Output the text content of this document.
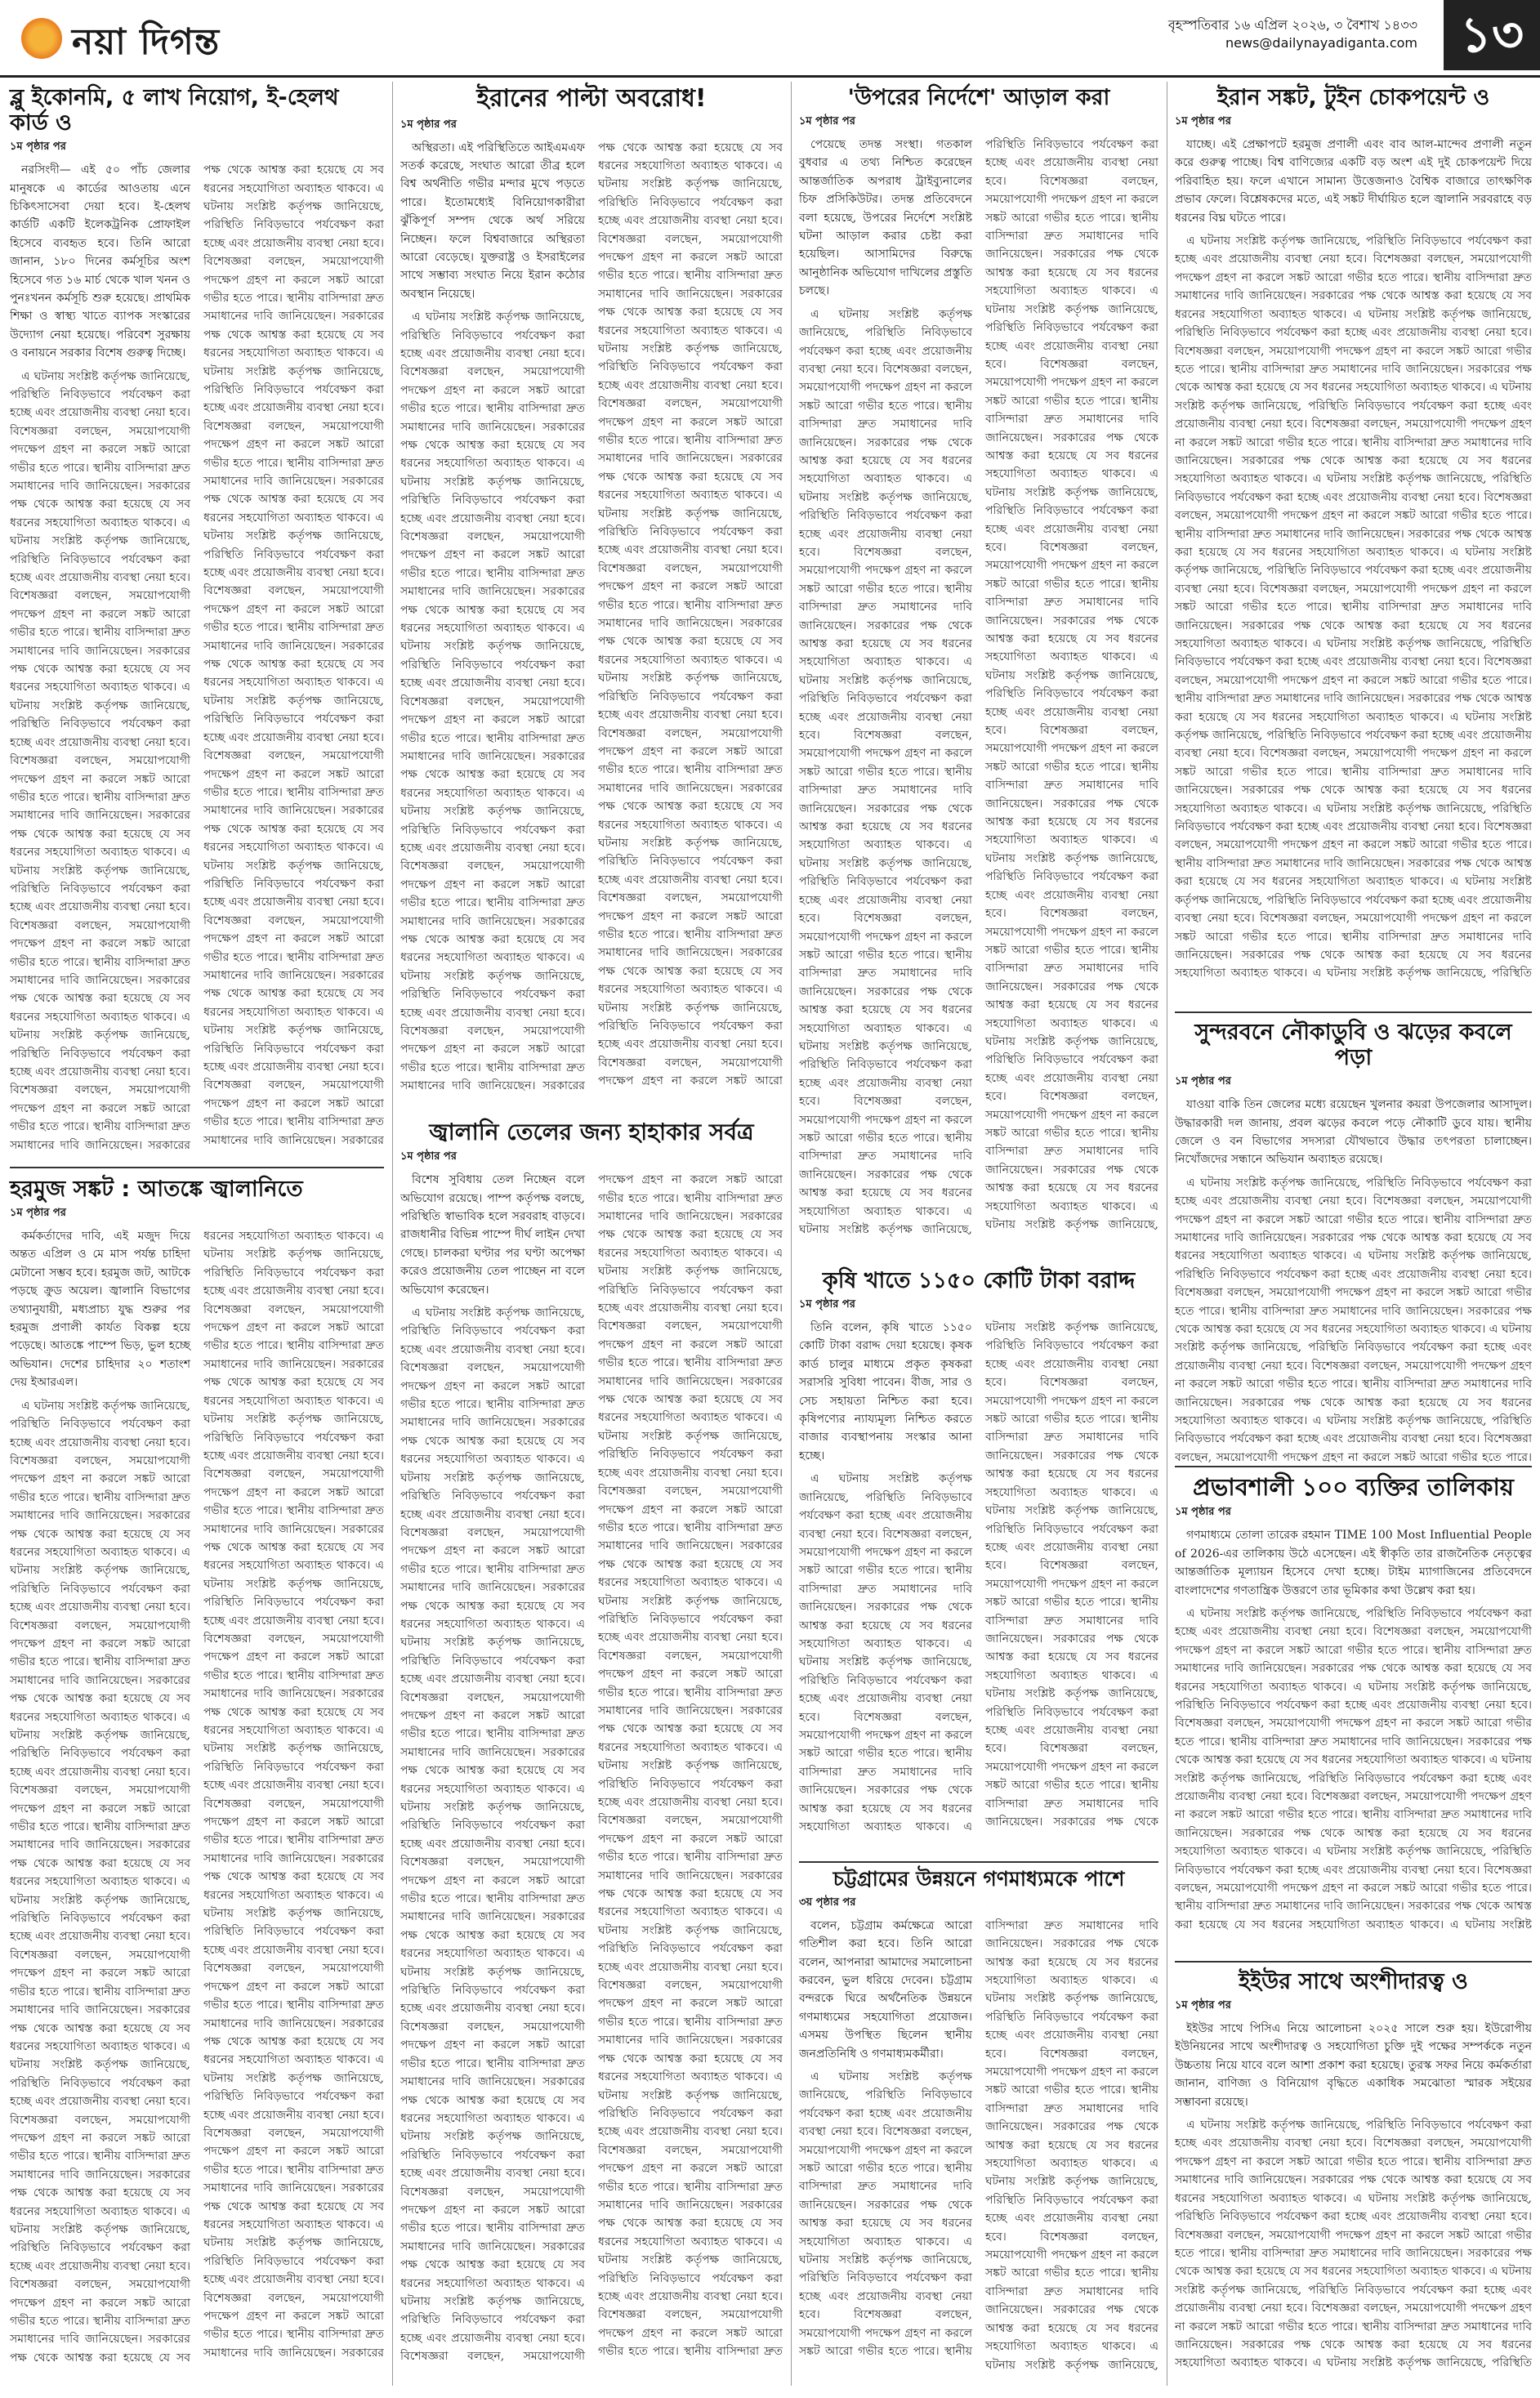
নয়া দিগন্ত	বৃহস্পতিবার ১৬ এপ্রিল ২০২৬, ৩ বৈশাখ ১৪৩৩
news@dailynayadiganta.com ১৩
ব্লু ইকোনমি, ৫ লাখ নিয়োগ, ই-হেলথ কার্ড ও
১ম পৃষ্ঠার পর

নরসিংদী— এই ৫০ পাঁচ জেলার মানুষকে এ কার্ডের আওতায় এনে চিকিৎসাসেবা দেয়া হবে। ই-হেলথ কার্ডটি একটি ইলেকট্রনিক প্রোফাইল হিসেবে ব্যবহৃত হবে। তিনি আরো জানান, ১৮০ দিনের কর্মসূচির অংশ হিসেবে গত ১৬ মার্চ থেকে খাল খনন ও পুনঃখনন কর্মসূচি শুরু হয়েছে। প্রাথমিক শিক্ষা ও স্বাস্থ্য খাতে ব্যাপক সংস্কারের উদ্যোগ নেয়া হয়েছে। পরিবেশ সুরক্ষায় ও বনায়নে সরকার বিশেষ গুরুত্ব দিচ্ছে।

এ ঘটনায় সংশ্লিষ্ট কর্তৃপক্ষ জানিয়েছে, পরিস্থিতি নিবিড়ভাবে পর্যবেক্ষণ করা হচ্ছে এবং প্রয়োজনীয় ব্যবস্থা নেয়া হবে। বিশেষজ্ঞরা বলছেন, সময়োপযোগী পদক্ষেপ গ্রহণ না করলে সঙ্কট আরো গভীর হতে পারে। স্থানীয় বাসিন্দারা দ্রুত সমাধানের দাবি জানিয়েছেন। সরকারের পক্ষ থেকে আশ্বস্ত করা হয়েছে যে সব ধরনের সহযোগিতা অব্যাহত থাকবে। এ ঘটনায় সংশ্লিষ্ট কর্তৃপক্ষ জানিয়েছে, পরিস্থিতি নিবিড়ভাবে পর্যবেক্ষণ করা হচ্ছে এবং প্রয়োজনীয় ব্যবস্থা নেয়া হবে। বিশেষজ্ঞরা বলছেন, সময়োপযোগী পদক্ষেপ গ্রহণ না করলে সঙ্কট আরো গভীর হতে পারে। স্থানীয় বাসিন্দারা দ্রুত সমাধানের দাবি জানিয়েছেন। সরকারের পক্ষ থেকে আশ্বস্ত করা হয়েছে যে সব ধরনের সহযোগিতা অব্যাহত থাকবে। এ ঘটনায় সংশ্লিষ্ট কর্তৃপক্ষ জানিয়েছে, পরিস্থিতি নিবিড়ভাবে পর্যবেক্ষণ করা হচ্ছে এবং প্রয়োজনীয় ব্যবস্থা নেয়া হবে। বিশেষজ্ঞরা বলছেন, সময়োপযোগী পদক্ষেপ গ্রহণ না করলে সঙ্কট আরো গভীর হতে পারে। স্থানীয় বাসিন্দারা দ্রুত সমাধানের দাবি জানিয়েছেন। সরকারের পক্ষ থেকে আশ্বস্ত করা হয়েছে যে সব ধরনের সহযোগিতা অব্যাহত থাকবে। এ ঘটনায় সংশ্লিষ্ট কর্তৃপক্ষ জানিয়েছে, পরিস্থিতি নিবিড়ভাবে পর্যবেক্ষণ করা হচ্ছে এবং প্রয়োজনীয় ব্যবস্থা নেয়া হবে। বিশেষজ্ঞরা বলছেন, সময়োপযোগী পদক্ষেপ গ্রহণ না করলে সঙ্কট আরো গভীর হতে পারে। স্থানীয় বাসিন্দারা দ্রুত সমাধানের দাবি জানিয়েছেন। সরকারের পক্ষ থেকে আশ্বস্ত করা হয়েছে যে সব ধরনের সহযোগিতা অব্যাহত থাকবে। এ ঘটনায় সংশ্লিষ্ট কর্তৃপক্ষ জানিয়েছে, পরিস্থিতি নিবিড়ভাবে পর্যবেক্ষণ করা হচ্ছে এবং প্রয়োজনীয় ব্যবস্থা নেয়া হবে। বিশেষজ্ঞরা বলছেন, সময়োপযোগী পদক্ষেপ গ্রহণ না করলে সঙ্কট আরো গভীর হতে পারে। স্থানীয় বাসিন্দারা দ্রুত সমাধানের দাবি জানিয়েছেন। সরকারের পক্ষ থেকে আশ্বস্ত করা হয়েছে যে সব ধরনের সহযোগিতা অব্যাহত থাকবে। এ ঘটনায় সংশ্লিষ্ট কর্তৃপক্ষ জানিয়েছে, পরিস্থিতি নিবিড়ভাবে পর্যবেক্ষণ করা হচ্ছে এবং প্রয়োজনীয় ব্যবস্থা নেয়া হবে। বিশেষজ্ঞরা বলছেন, সময়োপযোগী পদক্ষেপ গ্রহণ না করলে সঙ্কট আরো গভীর হতে পারে। স্থানীয় বাসিন্দারা দ্রুত সমাধানের দাবি জানিয়েছেন। সরকারের পক্ষ থেকে আশ্বস্ত করা হয়েছে যে সব ধরনের সহযোগিতা অব্যাহত থাকবে। এ ঘটনায় সংশ্লিষ্ট কর্তৃপক্ষ জানিয়েছে, পরিস্থিতি নিবিড়ভাবে পর্যবেক্ষণ করা হচ্ছে এবং প্রয়োজনীয় ব্যবস্থা নেয়া হবে। বিশেষজ্ঞরা বলছেন, সময়োপযোগী পদক্ষেপ গ্রহণ না করলে সঙ্কট আরো গভীর হতে পারে। স্থানীয় বাসিন্দারা দ্রুত সমাধানের দাবি জানিয়েছেন। সরকারের পক্ষ থেকে আশ্বস্ত করা হয়েছে যে সব ধরনের সহযোগিতা অব্যাহত থাকবে। এ ঘটনায় সংশ্লিষ্ট কর্তৃপক্ষ জানিয়েছে, পরিস্থিতি নিবিড়ভাবে পর্যবেক্ষণ করা হচ্ছে এবং প্রয়োজনীয় ব্যবস্থা নেয়া হবে। বিশেষজ্ঞরা বলছেন, সময়োপযোগী পদক্ষেপ গ্রহণ না করলে সঙ্কট আরো গভীর হতে পারে। স্থানীয় বাসিন্দারা দ্রুত সমাধানের দাবি জানিয়েছেন। সরকারের পক্ষ থেকে আশ্বস্ত করা হয়েছে যে সব ধরনের সহযোগিতা অব্যাহত থাকবে। এ ঘটনায় সংশ্লিষ্ট কর্তৃপক্ষ জানিয়েছে, পরিস্থিতি নিবিড়ভাবে পর্যবেক্ষণ করা হচ্ছে এবং প্রয়োজনীয় ব্যবস্থা নেয়া হবে। বিশেষজ্ঞরা বলছেন, সময়োপযোগী পদক্ষেপ গ্রহণ না করলে সঙ্কট আরো গভীর হতে পারে। স্থানীয় বাসিন্দারা দ্রুত সমাধানের দাবি জানিয়েছেন। সরকারের পক্ষ থেকে আশ্বস্ত করা হয়েছে যে সব ধরনের সহযোগিতা অব্যাহত থাকবে। এ ঘটনায় সংশ্লিষ্ট কর্তৃপক্ষ জানিয়েছে, পরিস্থিতি নিবিড়ভাবে পর্যবেক্ষণ করা হচ্ছে এবং প্রয়োজনীয় ব্যবস্থা নেয়া হবে। বিশেষজ্ঞরা বলছেন, সময়োপযোগী পদক্ষেপ গ্রহণ না করলে সঙ্কট আরো গভীর হতে পারে। স্থানীয় বাসিন্দারা দ্রুত সমাধানের দাবি জানিয়েছেন। সরকারের পক্ষ থেকে আশ্বস্ত করা হয়েছে যে সব ধরনের সহযোগিতা অব্যাহত থাকবে। এ ঘটনায় সংশ্লিষ্ট কর্তৃপক্ষ জানিয়েছে, পরিস্থিতি নিবিড়ভাবে পর্যবেক্ষণ করা হচ্ছে এবং প্রয়োজনীয় ব্যবস্থা নেয়া হবে। বিশেষজ্ঞরা বলছেন, সময়োপযোগী পদক্ষেপ গ্রহণ না করলে সঙ্কট আরো গভীর হতে পারে। স্থানীয় বাসিন্দারা দ্রুত সমাধানের দাবি জানিয়েছেন। সরকারের

হরমুজ সঙ্কট : আতঙ্কে জ্বালানিতে
১ম পৃষ্ঠার পর

কর্মকর্তাদের দাবি, এই মজুদ দিয়ে অন্তত এপ্রিল ও মে মাস পর্যন্ত চাহিদা মেটানো সম্ভব হবে। হরমুজ জট, আটকে পড়ছে ক্রুড অয়েল। জ্বালানি বিভাগের তথ্যানুযায়ী, মধ্যপ্রাচ্য যুদ্ধ শুরুর পর হরমুজ প্রণালী কার্যত বিকল্প হয়ে পড়েছে। আতঙ্কে পাম্পে ভিড়, ভুল হচ্ছে অভিযান। দেশের চাহিদার ২০ শতাংশ দেয় ইআরএল।

এ ঘটনায় সংশ্লিষ্ট কর্তৃপক্ষ জানিয়েছে, পরিস্থিতি নিবিড়ভাবে পর্যবেক্ষণ করা হচ্ছে এবং প্রয়োজনীয় ব্যবস্থা নেয়া হবে। বিশেষজ্ঞরা বলছেন, সময়োপযোগী পদক্ষেপ গ্রহণ না করলে সঙ্কট আরো গভীর হতে পারে। স্থানীয় বাসিন্দারা দ্রুত সমাধানের দাবি জানিয়েছেন। সরকারের পক্ষ থেকে আশ্বস্ত করা হয়েছে যে সব ধরনের সহযোগিতা অব্যাহত থাকবে। এ ঘটনায় সংশ্লিষ্ট কর্তৃপক্ষ জানিয়েছে, পরিস্থিতি নিবিড়ভাবে পর্যবেক্ষণ করা হচ্ছে এবং প্রয়োজনীয় ব্যবস্থা নেয়া হবে। বিশেষজ্ঞরা বলছেন, সময়োপযোগী পদক্ষেপ গ্রহণ না করলে সঙ্কট আরো গভীর হতে পারে। স্থানীয় বাসিন্দারা দ্রুত সমাধানের দাবি জানিয়েছেন। সরকারের পক্ষ থেকে আশ্বস্ত করা হয়েছে যে সব ধরনের সহযোগিতা অব্যাহত থাকবে। এ ঘটনায় সংশ্লিষ্ট কর্তৃপক্ষ জানিয়েছে, পরিস্থিতি নিবিড়ভাবে পর্যবেক্ষণ করা হচ্ছে এবং প্রয়োজনীয় ব্যবস্থা নেয়া হবে। বিশেষজ্ঞরা বলছেন, সময়োপযোগী পদক্ষেপ গ্রহণ না করলে সঙ্কট আরো গভীর হতে পারে। স্থানীয় বাসিন্দারা দ্রুত সমাধানের দাবি জানিয়েছেন। সরকারের পক্ষ থেকে আশ্বস্ত করা হয়েছে যে সব ধরনের সহযোগিতা অব্যাহত থাকবে। এ ঘটনায় সংশ্লিষ্ট কর্তৃপক্ষ জানিয়েছে, পরিস্থিতি নিবিড়ভাবে পর্যবেক্ষণ করা হচ্ছে এবং প্রয়োজনীয় ব্যবস্থা নেয়া হবে। বিশেষজ্ঞরা বলছেন, সময়োপযোগী পদক্ষেপ গ্রহণ না করলে সঙ্কট আরো গভীর হতে পারে। স্থানীয় বাসিন্দারা দ্রুত সমাধানের দাবি জানিয়েছেন। সরকারের পক্ষ থেকে আশ্বস্ত করা হয়েছে যে সব ধরনের সহযোগিতা অব্যাহত থাকবে। এ ঘটনায় সংশ্লিষ্ট কর্তৃপক্ষ জানিয়েছে, পরিস্থিতি নিবিড়ভাবে পর্যবেক্ষণ করা হচ্ছে এবং প্রয়োজনীয় ব্যবস্থা নেয়া হবে। বিশেষজ্ঞরা বলছেন, সময়োপযোগী পদক্ষেপ গ্রহণ না করলে সঙ্কট আরো গভীর হতে পারে। স্থানীয় বাসিন্দারা দ্রুত সমাধানের দাবি জানিয়েছেন। সরকারের পক্ষ থেকে আশ্বস্ত করা হয়েছে যে সব ধরনের সহযোগিতা অব্যাহত থাকবে। এ ঘটনায় সংশ্লিষ্ট কর্তৃপক্ষ জানিয়েছে, পরিস্থিতি নিবিড়ভাবে পর্যবেক্ষণ করা হচ্ছে এবং প্রয়োজনীয় ব্যবস্থা নেয়া হবে। বিশেষজ্ঞরা বলছেন, সময়োপযোগী পদক্ষেপ গ্রহণ না করলে সঙ্কট আরো গভীর হতে পারে। স্থানীয় বাসিন্দারা দ্রুত সমাধানের দাবি জানিয়েছেন। সরকারের পক্ষ থেকে আশ্বস্ত করা হয়েছে যে সব ধরনের সহযোগিতা অব্যাহত থাকবে। এ ঘটনায় সংশ্লিষ্ট কর্তৃপক্ষ জানিয়েছে, পরিস্থিতি নিবিড়ভাবে পর্যবেক্ষণ করা হচ্ছে এবং প্রয়োজনীয় ব্যবস্থা নেয়া হবে। বিশেষজ্ঞরা বলছেন, সময়োপযোগী পদক্ষেপ গ্রহণ না করলে সঙ্কট আরো গভীর হতে পারে। স্থানীয় বাসিন্দারা দ্রুত সমাধানের দাবি জানিয়েছেন। সরকারের পক্ষ থেকে আশ্বস্ত করা হয়েছে যে সব ধরনের সহযোগিতা অব্যাহত থাকবে। এ ঘটনায় সংশ্লিষ্ট কর্তৃপক্ষ জানিয়েছে, পরিস্থিতি নিবিড়ভাবে পর্যবেক্ষণ করা হচ্ছে এবং প্রয়োজনীয় ব্যবস্থা নেয়া হবে। বিশেষজ্ঞরা বলছেন, সময়োপযোগী পদক্ষেপ গ্রহণ না করলে সঙ্কট আরো গভীর হতে পারে। স্থানীয় বাসিন্দারা দ্রুত সমাধানের দাবি জানিয়েছেন। সরকারের পক্ষ থেকে আশ্বস্ত করা হয়েছে যে সব ধরনের সহযোগিতা অব্যাহত থাকবে। এ ঘটনায় সংশ্লিষ্ট কর্তৃপক্ষ জানিয়েছে, পরিস্থিতি নিবিড়ভাবে পর্যবেক্ষণ করা হচ্ছে এবং প্রয়োজনীয় ব্যবস্থা নেয়া হবে। বিশেষজ্ঞরা বলছেন, সময়োপযোগী পদক্ষেপ গ্রহণ না করলে সঙ্কট আরো গভীর হতে পারে। স্থানীয় বাসিন্দারা দ্রুত সমাধানের দাবি জানিয়েছেন। সরকারের পক্ষ থেকে আশ্বস্ত করা হয়েছে যে সব ধরনের সহযোগিতা অব্যাহত থাকবে। এ ঘটনায় সংশ্লিষ্ট কর্তৃপক্ষ জানিয়েছে, পরিস্থিতি নিবিড়ভাবে পর্যবেক্ষণ করা হচ্ছে এবং প্রয়োজনীয় ব্যবস্থা নেয়া হবে। বিশেষজ্ঞরা বলছেন, সময়োপযোগী পদক্ষেপ গ্রহণ না করলে সঙ্কট আরো গভীর হতে পারে। স্থানীয় বাসিন্দারা দ্রুত সমাধানের দাবি জানিয়েছেন। সরকারের পক্ষ থেকে আশ্বস্ত করা হয়েছে যে সব ধরনের সহযোগিতা অব্যাহত থাকবে। এ ঘটনায় সংশ্লিষ্ট কর্তৃপক্ষ জানিয়েছে, পরিস্থিতি নিবিড়ভাবে পর্যবেক্ষণ করা হচ্ছে এবং প্রয়োজনীয় ব্যবস্থা নেয়া হবে। বিশেষজ্ঞরা বলছেন, সময়োপযোগী পদক্ষেপ গ্রহণ না করলে সঙ্কট আরো গভীর হতে পারে। স্থানীয় বাসিন্দারা দ্রুত সমাধানের দাবি জানিয়েছেন। সরকারের পক্ষ থেকে আশ্বস্ত করা হয়েছে যে সব ধরনের সহযোগিতা অব্যাহত থাকবে। এ ঘটনায় সংশ্লিষ্ট কর্তৃপক্ষ জানিয়েছে, পরিস্থিতি নিবিড়ভাবে পর্যবেক্ষণ করা হচ্ছে এবং প্রয়োজনীয় ব্যবস্থা নেয়া হবে। বিশেষজ্ঞরা বলছেন, সময়োপযোগী পদক্ষেপ গ্রহণ না করলে সঙ্কট আরো গভীর হতে পারে। স্থানীয় বাসিন্দারা দ্রুত সমাধানের দাবি জানিয়েছেন। সরকারের পক্ষ থেকে আশ্বস্ত করা হয়েছে যে সব ধরনের সহযোগিতা অব্যাহত থাকবে। এ ঘটনায় সংশ্লিষ্ট কর্তৃপক্ষ জানিয়েছে, পরিস্থিতি নিবিড়ভাবে পর্যবেক্ষণ করা হচ্ছে এবং প্রয়োজনীয় ব্যবস্থা নেয়া হবে। বিশেষজ্ঞরা বলছেন, সময়োপযোগী পদক্ষেপ গ্রহণ না করলে সঙ্কট আরো গভীর হতে পারে। স্থানীয় বাসিন্দারা দ্রুত সমাধানের দাবি জানিয়েছেন। সরকারের

ইরানের পাল্টা অবরোধ!
১ম পৃষ্ঠার পর

অস্থিরতা। এই পরিস্থিতিতে আইএমএফ সতর্ক করেছে, সংঘাত আরো তীব্র হলে বিশ্ব অর্থনীতি গভীর মন্দার মুখে পড়তে পারে। ইতোমধ্যেই বিনিয়োগকারীরা ঝুঁকিপূর্ণ সম্পদ থেকে অর্থ সরিয়ে নিচ্ছেন। ফলে বিশ্ববাজারে অস্থিরতা আরো বেড়েছে। যুক্তরাষ্ট্র ও ইসরাইলের সাথে সম্ভাব্য সংঘাত নিয়ে ইরান কঠোর অবস্থান নিয়েছে।

এ ঘটনায় সংশ্লিষ্ট কর্তৃপক্ষ জানিয়েছে, পরিস্থিতি নিবিড়ভাবে পর্যবেক্ষণ করা হচ্ছে এবং প্রয়োজনীয় ব্যবস্থা নেয়া হবে। বিশেষজ্ঞরা বলছেন, সময়োপযোগী পদক্ষেপ গ্রহণ না করলে সঙ্কট আরো গভীর হতে পারে। স্থানীয় বাসিন্দারা দ্রুত সমাধানের দাবি জানিয়েছেন। সরকারের পক্ষ থেকে আশ্বস্ত করা হয়েছে যে সব ধরনের সহযোগিতা অব্যাহত থাকবে। এ ঘটনায় সংশ্লিষ্ট কর্তৃপক্ষ জানিয়েছে, পরিস্থিতি নিবিড়ভাবে পর্যবেক্ষণ করা হচ্ছে এবং প্রয়োজনীয় ব্যবস্থা নেয়া হবে। বিশেষজ্ঞরা বলছেন, সময়োপযোগী পদক্ষেপ গ্রহণ না করলে সঙ্কট আরো গভীর হতে পারে। স্থানীয় বাসিন্দারা দ্রুত সমাধানের দাবি জানিয়েছেন। সরকারের পক্ষ থেকে আশ্বস্ত করা হয়েছে যে সব ধরনের সহযোগিতা অব্যাহত থাকবে। এ ঘটনায় সংশ্লিষ্ট কর্তৃপক্ষ জানিয়েছে, পরিস্থিতি নিবিড়ভাবে পর্যবেক্ষণ করা হচ্ছে এবং প্রয়োজনীয় ব্যবস্থা নেয়া হবে। বিশেষজ্ঞরা বলছেন, সময়োপযোগী পদক্ষেপ গ্রহণ না করলে সঙ্কট আরো গভীর হতে পারে। স্থানীয় বাসিন্দারা দ্রুত সমাধানের দাবি জানিয়েছেন। সরকারের পক্ষ থেকে আশ্বস্ত করা হয়েছে যে সব ধরনের সহযোগিতা অব্যাহত থাকবে। এ ঘটনায় সংশ্লিষ্ট কর্তৃপক্ষ জানিয়েছে, পরিস্থিতি নিবিড়ভাবে পর্যবেক্ষণ করা হচ্ছে এবং প্রয়োজনীয় ব্যবস্থা নেয়া হবে। বিশেষজ্ঞরা বলছেন, সময়োপযোগী পদক্ষেপ গ্রহণ না করলে সঙ্কট আরো গভীর হতে পারে। স্থানীয় বাসিন্দারা দ্রুত সমাধানের দাবি জানিয়েছেন। সরকারের পক্ষ থেকে আশ্বস্ত করা হয়েছে যে সব ধরনের সহযোগিতা অব্যাহত থাকবে। এ ঘটনায় সংশ্লিষ্ট কর্তৃপক্ষ জানিয়েছে, পরিস্থিতি নিবিড়ভাবে পর্যবেক্ষণ করা হচ্ছে এবং প্রয়োজনীয় ব্যবস্থা নেয়া হবে। বিশেষজ্ঞরা বলছেন, সময়োপযোগী পদক্ষেপ গ্রহণ না করলে সঙ্কট আরো গভীর হতে পারে। স্থানীয় বাসিন্দারা দ্রুত সমাধানের দাবি জানিয়েছেন। সরকারের পক্ষ থেকে আশ্বস্ত করা হয়েছে যে সব ধরনের সহযোগিতা অব্যাহত থাকবে। এ ঘটনায় সংশ্লিষ্ট কর্তৃপক্ষ জানিয়েছে, পরিস্থিতি নিবিড়ভাবে পর্যবেক্ষণ করা হচ্ছে এবং প্রয়োজনীয় ব্যবস্থা নেয়া হবে। বিশেষজ্ঞরা বলছেন, সময়োপযোগী পদক্ষেপ গ্রহণ না করলে সঙ্কট আরো গভীর হতে পারে। স্থানীয় বাসিন্দারা দ্রুত সমাধানের দাবি জানিয়েছেন। সরকারের পক্ষ থেকে আশ্বস্ত করা হয়েছে যে সব ধরনের সহযোগিতা অব্যাহত থাকবে। এ ঘটনায় সংশ্লিষ্ট কর্তৃপক্ষ জানিয়েছে, পরিস্থিতি নিবিড়ভাবে পর্যবেক্ষণ করা হচ্ছে এবং প্রয়োজনীয় ব্যবস্থা নেয়া হবে। বিশেষজ্ঞরা বলছেন, সময়োপযোগী পদক্ষেপ গ্রহণ না করলে সঙ্কট আরো গভীর হতে পারে। স্থানীয় বাসিন্দারা দ্রুত সমাধানের দাবি জানিয়েছেন। সরকারের পক্ষ থেকে আশ্বস্ত করা হয়েছে যে সব ধরনের সহযোগিতা অব্যাহত থাকবে। এ ঘটনায় সংশ্লিষ্ট কর্তৃপক্ষ জানিয়েছে, পরিস্থিতি নিবিড়ভাবে পর্যবেক্ষণ করা হচ্ছে এবং প্রয়োজনীয় ব্যবস্থা নেয়া হবে। বিশেষজ্ঞরা বলছেন, সময়োপযোগী পদক্ষেপ গ্রহণ না করলে সঙ্কট আরো গভীর হতে পারে। স্থানীয় বাসিন্দারা দ্রুত সমাধানের দাবি জানিয়েছেন। সরকারের পক্ষ থেকে আশ্বস্ত করা হয়েছে যে সব ধরনের সহযোগিতা অব্যাহত থাকবে। এ ঘটনায় সংশ্লিষ্ট কর্তৃপক্ষ জানিয়েছে, পরিস্থিতি নিবিড়ভাবে পর্যবেক্ষণ করা হচ্ছে এবং প্রয়োজনীয় ব্যবস্থা নেয়া হবে। বিশেষজ্ঞরা বলছেন, সময়োপযোগী পদক্ষেপ গ্রহণ না করলে সঙ্কট আরো গভীর হতে পারে। স্থানীয় বাসিন্দারা দ্রুত সমাধানের দাবি জানিয়েছেন। সরকারের পক্ষ থেকে আশ্বস্ত করা হয়েছে যে সব ধরনের সহযোগিতা অব্যাহত থাকবে। এ ঘটনায় সংশ্লিষ্ট কর্তৃপক্ষ জানিয়েছে, পরিস্থিতি নিবিড়ভাবে পর্যবেক্ষণ করা হচ্ছে এবং প্রয়োজনীয় ব্যবস্থা নেয়া হবে। বিশেষজ্ঞরা বলছেন, সময়োপযোগী পদক্ষেপ গ্রহণ না করলে সঙ্কট আরো গভীর হতে পারে। স্থানীয় বাসিন্দারা দ্রুত সমাধানের দাবি জানিয়েছেন। সরকারের পক্ষ থেকে আশ্বস্ত করা হয়েছে যে সব ধরনের সহযোগিতা অব্যাহত থাকবে। এ ঘটনায় সংশ্লিষ্ট কর্তৃপক্ষ জানিয়েছে, পরিস্থিতি নিবিড়ভাবে পর্যবেক্ষণ করা হচ্ছে এবং প্রয়োজনীয় ব্যবস্থা নেয়া হবে। বিশেষজ্ঞরা বলছেন, সময়োপযোগী পদক্ষেপ গ্রহণ না করলে সঙ্কট আরো

জ্বালানি তেলের জন্য হাহাকার সর্বত্র
১ম পৃষ্ঠার পর

বিশেষ সুবিধায় তেল নিচ্ছেন বলে অভিযোগ রয়েছে। পাম্প কর্তৃপক্ষ বলছে, পরিস্থিতি স্বাভাবিক হলে সরবরাহ বাড়বে। রাজধানীর বিভিন্ন পাম্পে দীর্ঘ লাইন দেখা গেছে। চালকরা ঘণ্টার পর ঘণ্টা অপেক্ষা করেও প্রয়োজনীয় তেল পাচ্ছেন না বলে অভিযোগ করেছেন।

এ ঘটনায় সংশ্লিষ্ট কর্তৃপক্ষ জানিয়েছে, পরিস্থিতি নিবিড়ভাবে পর্যবেক্ষণ করা হচ্ছে এবং প্রয়োজনীয় ব্যবস্থা নেয়া হবে। বিশেষজ্ঞরা বলছেন, সময়োপযোগী পদক্ষেপ গ্রহণ না করলে সঙ্কট আরো গভীর হতে পারে। স্থানীয় বাসিন্দারা দ্রুত সমাধানের দাবি জানিয়েছেন। সরকারের পক্ষ থেকে আশ্বস্ত করা হয়েছে যে সব ধরনের সহযোগিতা অব্যাহত থাকবে। এ ঘটনায় সংশ্লিষ্ট কর্তৃপক্ষ জানিয়েছে, পরিস্থিতি নিবিড়ভাবে পর্যবেক্ষণ করা হচ্ছে এবং প্রয়োজনীয় ব্যবস্থা নেয়া হবে। বিশেষজ্ঞরা বলছেন, সময়োপযোগী পদক্ষেপ গ্রহণ না করলে সঙ্কট আরো গভীর হতে পারে। স্থানীয় বাসিন্দারা দ্রুত সমাধানের দাবি জানিয়েছেন। সরকারের পক্ষ থেকে আশ্বস্ত করা হয়েছে যে সব ধরনের সহযোগিতা অব্যাহত থাকবে। এ ঘটনায় সংশ্লিষ্ট কর্তৃপক্ষ জানিয়েছে, পরিস্থিতি নিবিড়ভাবে পর্যবেক্ষণ করা হচ্ছে এবং প্রয়োজনীয় ব্যবস্থা নেয়া হবে। বিশেষজ্ঞরা বলছেন, সময়োপযোগী পদক্ষেপ গ্রহণ না করলে সঙ্কট আরো গভীর হতে পারে। স্থানীয় বাসিন্দারা দ্রুত সমাধানের দাবি জানিয়েছেন। সরকারের পক্ষ থেকে আশ্বস্ত করা হয়েছে যে সব ধরনের সহযোগিতা অব্যাহত থাকবে। এ ঘটনায় সংশ্লিষ্ট কর্তৃপক্ষ জানিয়েছে, পরিস্থিতি নিবিড়ভাবে পর্যবেক্ষণ করা হচ্ছে এবং প্রয়োজনীয় ব্যবস্থা নেয়া হবে। বিশেষজ্ঞরা বলছেন, সময়োপযোগী পদক্ষেপ গ্রহণ না করলে সঙ্কট আরো গভীর হতে পারে। স্থানীয় বাসিন্দারা দ্রুত সমাধানের দাবি জানিয়েছেন। সরকারের পক্ষ থেকে আশ্বস্ত করা হয়েছে যে সব ধরনের সহযোগিতা অব্যাহত থাকবে। এ ঘটনায় সংশ্লিষ্ট কর্তৃপক্ষ জানিয়েছে, পরিস্থিতি নিবিড়ভাবে পর্যবেক্ষণ করা হচ্ছে এবং প্রয়োজনীয় ব্যবস্থা নেয়া হবে। বিশেষজ্ঞরা বলছেন, সময়োপযোগী পদক্ষেপ গ্রহণ না করলে সঙ্কট আরো গভীর হতে পারে। স্থানীয় বাসিন্দারা দ্রুত সমাধানের দাবি জানিয়েছেন। সরকারের পক্ষ থেকে আশ্বস্ত করা হয়েছে যে সব ধরনের সহযোগিতা অব্যাহত থাকবে। এ ঘটনায় সংশ্লিষ্ট কর্তৃপক্ষ জানিয়েছে, পরিস্থিতি নিবিড়ভাবে পর্যবেক্ষণ করা হচ্ছে এবং প্রয়োজনীয় ব্যবস্থা নেয়া হবে। বিশেষজ্ঞরা বলছেন, সময়োপযোগী পদক্ষেপ গ্রহণ না করলে সঙ্কট আরো গভীর হতে পারে। স্থানীয় বাসিন্দারা দ্রুত সমাধানের দাবি জানিয়েছেন। সরকারের পক্ষ থেকে আশ্বস্ত করা হয়েছে যে সব ধরনের সহযোগিতা অব্যাহত থাকবে। এ ঘটনায় সংশ্লিষ্ট কর্তৃপক্ষ জানিয়েছে, পরিস্থিতি নিবিড়ভাবে পর্যবেক্ষণ করা হচ্ছে এবং প্রয়োজনীয় ব্যবস্থা নেয়া হবে। বিশেষজ্ঞরা বলছেন, সময়োপযোগী পদক্ষেপ গ্রহণ না করলে সঙ্কট আরো গভীর হতে পারে। স্থানীয় বাসিন্দারা দ্রুত সমাধানের দাবি জানিয়েছেন। সরকারের পক্ষ থেকে আশ্বস্ত করা হয়েছে যে সব ধরনের সহযোগিতা অব্যাহত থাকবে। এ ঘটনায় সংশ্লিষ্ট কর্তৃপক্ষ জানিয়েছে, পরিস্থিতি নিবিড়ভাবে পর্যবেক্ষণ করা হচ্ছে এবং প্রয়োজনীয় ব্যবস্থা নেয়া হবে। বিশেষজ্ঞরা বলছেন, সময়োপযোগী পদক্ষেপ গ্রহণ না করলে সঙ্কট আরো গভীর হতে পারে। স্থানীয় বাসিন্দারা দ্রুত সমাধানের দাবি জানিয়েছেন। সরকারের পক্ষ থেকে আশ্বস্ত করা হয়েছে যে সব ধরনের সহযোগিতা অব্যাহত থাকবে। এ ঘটনায় সংশ্লিষ্ট কর্তৃপক্ষ জানিয়েছে, পরিস্থিতি নিবিড়ভাবে পর্যবেক্ষণ করা হচ্ছে এবং প্রয়োজনীয় ব্যবস্থা নেয়া হবে। বিশেষজ্ঞরা বলছেন, সময়োপযোগী পদক্ষেপ গ্রহণ না করলে সঙ্কট আরো গভীর হতে পারে। স্থানীয় বাসিন্দারা দ্রুত সমাধানের দাবি জানিয়েছেন। সরকারের পক্ষ থেকে আশ্বস্ত করা হয়েছে যে সব ধরনের সহযোগিতা অব্যাহত থাকবে। এ ঘটনায় সংশ্লিষ্ট কর্তৃপক্ষ জানিয়েছে, পরিস্থিতি নিবিড়ভাবে পর্যবেক্ষণ করা হচ্ছে এবং প্রয়োজনীয় ব্যবস্থা নেয়া হবে। বিশেষজ্ঞরা বলছেন, সময়োপযোগী পদক্ষেপ গ্রহণ না করলে সঙ্কট আরো গভীর হতে পারে। স্থানীয় বাসিন্দারা দ্রুত সমাধানের দাবি জানিয়েছেন। সরকারের পক্ষ থেকে আশ্বস্ত করা হয়েছে যে সব ধরনের সহযোগিতা অব্যাহত থাকবে। এ ঘটনায় সংশ্লিষ্ট কর্তৃপক্ষ জানিয়েছে, পরিস্থিতি নিবিড়ভাবে পর্যবেক্ষণ করা হচ্ছে এবং প্রয়োজনীয় ব্যবস্থা নেয়া হবে। বিশেষজ্ঞরা বলছেন, সময়োপযোগী পদক্ষেপ গ্রহণ না করলে সঙ্কট আরো গভীর হতে পারে। স্থানীয় বাসিন্দারা দ্রুত সমাধানের দাবি জানিয়েছেন। সরকারের পক্ষ থেকে আশ্বস্ত করা হয়েছে যে সব ধরনের সহযোগিতা অব্যাহত থাকবে। এ ঘটনায় সংশ্লিষ্ট কর্তৃপক্ষ জানিয়েছে, পরিস্থিতি নিবিড়ভাবে পর্যবেক্ষণ করা হচ্ছে এবং প্রয়োজনীয় ব্যবস্থা নেয়া হবে। বিশেষজ্ঞরা বলছেন, সময়োপযোগী পদক্ষেপ গ্রহণ না করলে সঙ্কট আরো গভীর হতে পারে। স্থানীয় বাসিন্দারা দ্রুত সমাধানের দাবি জানিয়েছেন। সরকারের পক্ষ থেকে আশ্বস্ত করা হয়েছে যে সব ধরনের সহযোগিতা অব্যাহত থাকবে। এ ঘটনায় সংশ্লিষ্ট কর্তৃপক্ষ জানিয়েছে, পরিস্থিতি নিবিড়ভাবে পর্যবেক্ষণ করা হচ্ছে এবং প্রয়োজনীয় ব্যবস্থা নেয়া হবে। বিশেষজ্ঞরা বলছেন, সময়োপযোগী পদক্ষেপ গ্রহণ না করলে সঙ্কট আরো গভীর হতে পারে। স্থানীয় বাসিন্দারা দ্রুত সমাধানের দাবি জানিয়েছেন। সরকারের পক্ষ থেকে আশ্বস্ত করা হয়েছে যে সব ধরনের সহযোগিতা অব্যাহত থাকবে। এ ঘটনায় সংশ্লিষ্ট কর্তৃপক্ষ জানিয়েছে, পরিস্থিতি নিবিড়ভাবে পর্যবেক্ষণ করা হচ্ছে এবং প্রয়োজনীয় ব্যবস্থা নেয়া হবে। বিশেষজ্ঞরা বলছেন, সময়োপযোগী পদক্ষেপ গ্রহণ না করলে সঙ্কট আরো গভীর হতে পারে। স্থানীয় বাসিন্দারা দ্রুত

'উপরের নির্দেশে' আড়াল করা
১ম পৃষ্ঠার পর

পেয়েছে তদন্ত সংস্থা। গতকাল বুধবার এ তথ্য নিশ্চিত করেছেন আন্তর্জাতিক অপরাধ ট্রাইব্যুনালের চিফ প্রসিকিউটর। তদন্ত প্রতিবেদনে বলা হয়েছে, উপরের নির্দেশে সংশ্লিষ্ট ঘটনা আড়াল করার চেষ্টা করা হয়েছিল। আসামিদের বিরুদ্ধে আনুষ্ঠানিক অভিযোগ দাখিলের প্রস্তুতি চলছে।

এ ঘটনায় সংশ্লিষ্ট কর্তৃপক্ষ জানিয়েছে, পরিস্থিতি নিবিড়ভাবে পর্যবেক্ষণ করা হচ্ছে এবং প্রয়োজনীয় ব্যবস্থা নেয়া হবে। বিশেষজ্ঞরা বলছেন, সময়োপযোগী পদক্ষেপ গ্রহণ না করলে সঙ্কট আরো গভীর হতে পারে। স্থানীয় বাসিন্দারা দ্রুত সমাধানের দাবি জানিয়েছেন। সরকারের পক্ষ থেকে আশ্বস্ত করা হয়েছে যে সব ধরনের সহযোগিতা অব্যাহত থাকবে। এ ঘটনায় সংশ্লিষ্ট কর্তৃপক্ষ জানিয়েছে, পরিস্থিতি নিবিড়ভাবে পর্যবেক্ষণ করা হচ্ছে এবং প্রয়োজনীয় ব্যবস্থা নেয়া হবে। বিশেষজ্ঞরা বলছেন, সময়োপযোগী পদক্ষেপ গ্রহণ না করলে সঙ্কট আরো গভীর হতে পারে। স্থানীয় বাসিন্দারা দ্রুত সমাধানের দাবি জানিয়েছেন। সরকারের পক্ষ থেকে আশ্বস্ত করা হয়েছে যে সব ধরনের সহযোগিতা অব্যাহত থাকবে। এ ঘটনায় সংশ্লিষ্ট কর্তৃপক্ষ জানিয়েছে, পরিস্থিতি নিবিড়ভাবে পর্যবেক্ষণ করা হচ্ছে এবং প্রয়োজনীয় ব্যবস্থা নেয়া হবে। বিশেষজ্ঞরা বলছেন, সময়োপযোগী পদক্ষেপ গ্রহণ না করলে সঙ্কট আরো গভীর হতে পারে। স্থানীয় বাসিন্দারা দ্রুত সমাধানের দাবি জানিয়েছেন। সরকারের পক্ষ থেকে আশ্বস্ত করা হয়েছে যে সব ধরনের সহযোগিতা অব্যাহত থাকবে। এ ঘটনায় সংশ্লিষ্ট কর্তৃপক্ষ জানিয়েছে, পরিস্থিতি নিবিড়ভাবে পর্যবেক্ষণ করা হচ্ছে এবং প্রয়োজনীয় ব্যবস্থা নেয়া হবে। বিশেষজ্ঞরা বলছেন, সময়োপযোগী পদক্ষেপ গ্রহণ না করলে সঙ্কট আরো গভীর হতে পারে। স্থানীয় বাসিন্দারা দ্রুত সমাধানের দাবি জানিয়েছেন। সরকারের পক্ষ থেকে আশ্বস্ত করা হয়েছে যে সব ধরনের সহযোগিতা অব্যাহত থাকবে। এ ঘটনায় সংশ্লিষ্ট কর্তৃপক্ষ জানিয়েছে, পরিস্থিতি নিবিড়ভাবে পর্যবেক্ষণ করা হচ্ছে এবং প্রয়োজনীয় ব্যবস্থা নেয়া হবে। বিশেষজ্ঞরা বলছেন, সময়োপযোগী পদক্ষেপ গ্রহণ না করলে সঙ্কট আরো গভীর হতে পারে। স্থানীয় বাসিন্দারা দ্রুত সমাধানের দাবি জানিয়েছেন। সরকারের পক্ষ থেকে আশ্বস্ত করা হয়েছে যে সব ধরনের সহযোগিতা অব্যাহত থাকবে। এ ঘটনায় সংশ্লিষ্ট কর্তৃপক্ষ জানিয়েছে, পরিস্থিতি নিবিড়ভাবে পর্যবেক্ষণ করা হচ্ছে এবং প্রয়োজনীয় ব্যবস্থা নেয়া হবে। বিশেষজ্ঞরা বলছেন, সময়োপযোগী পদক্ষেপ গ্রহণ না করলে সঙ্কট আরো গভীর হতে পারে। স্থানীয় বাসিন্দারা দ্রুত সমাধানের দাবি জানিয়েছেন। সরকারের পক্ষ থেকে আশ্বস্ত করা হয়েছে যে সব ধরনের সহযোগিতা অব্যাহত থাকবে। এ ঘটনায় সংশ্লিষ্ট কর্তৃপক্ষ জানিয়েছে, পরিস্থিতি নিবিড়ভাবে পর্যবেক্ষণ করা হচ্ছে এবং প্রয়োজনীয় ব্যবস্থা নেয়া হবে। বিশেষজ্ঞরা বলছেন, সময়োপযোগী পদক্ষেপ গ্রহণ না করলে সঙ্কট আরো গভীর হতে পারে। স্থানীয় বাসিন্দারা দ্রুত সমাধানের দাবি জানিয়েছেন। সরকারের পক্ষ থেকে আশ্বস্ত করা হয়েছে যে সব ধরনের সহযোগিতা অব্যাহত থাকবে। এ ঘটনায় সংশ্লিষ্ট কর্তৃপক্ষ জানিয়েছে, পরিস্থিতি নিবিড়ভাবে পর্যবেক্ষণ করা হচ্ছে এবং প্রয়োজনীয় ব্যবস্থা নেয়া হবে। বিশেষজ্ঞরা বলছেন, সময়োপযোগী পদক্ষেপ গ্রহণ না করলে সঙ্কট আরো গভীর হতে পারে। স্থানীয় বাসিন্দারা দ্রুত সমাধানের দাবি জানিয়েছেন। সরকারের পক্ষ থেকে আশ্বস্ত করা হয়েছে যে সব ধরনের সহযোগিতা অব্যাহত থাকবে। এ ঘটনায় সংশ্লিষ্ট কর্তৃপক্ষ জানিয়েছে, পরিস্থিতি নিবিড়ভাবে পর্যবেক্ষণ করা হচ্ছে এবং প্রয়োজনীয় ব্যবস্থা নেয়া হবে। বিশেষজ্ঞরা বলছেন, সময়োপযোগী পদক্ষেপ গ্রহণ না করলে সঙ্কট আরো গভীর হতে পারে। স্থানীয় বাসিন্দারা দ্রুত সমাধানের দাবি জানিয়েছেন। সরকারের পক্ষ থেকে আশ্বস্ত করা হয়েছে যে সব ধরনের সহযোগিতা অব্যাহত থাকবে। এ ঘটনায় সংশ্লিষ্ট কর্তৃপক্ষ জানিয়েছে, পরিস্থিতি নিবিড়ভাবে পর্যবেক্ষণ করা হচ্ছে এবং প্রয়োজনীয় ব্যবস্থা নেয়া হবে। বিশেষজ্ঞরা বলছেন, সময়োপযোগী পদক্ষেপ গ্রহণ না করলে সঙ্কট আরো গভীর হতে পারে। স্থানীয় বাসিন্দারা দ্রুত সমাধানের দাবি জানিয়েছেন। সরকারের পক্ষ থেকে আশ্বস্ত করা হয়েছে যে সব ধরনের সহযোগিতা অব্যাহত থাকবে। এ ঘটনায় সংশ্লিষ্ট কর্তৃপক্ষ জানিয়েছে, পরিস্থিতি নিবিড়ভাবে পর্যবেক্ষণ করা হচ্ছে এবং প্রয়োজনীয় ব্যবস্থা নেয়া হবে। বিশেষজ্ঞরা বলছেন, সময়োপযোগী পদক্ষেপ গ্রহণ না করলে সঙ্কট আরো গভীর হতে পারে। স্থানীয় বাসিন্দারা দ্রুত সমাধানের দাবি জানিয়েছেন। সরকারের পক্ষ থেকে আশ্বস্ত করা হয়েছে যে সব ধরনের সহযোগিতা অব্যাহত থাকবে। এ ঘটনায় সংশ্লিষ্ট কর্তৃপক্ষ জানিয়েছে,

কৃষি খাতে ১১৫০ কোটি টাকা বরাদ্দ
১ম পৃষ্ঠার পর

তিনি বলেন, কৃষি খাতে ১১৫০ কোটি টাকা বরাদ্দ দেয়া হয়েছে। কৃষক কার্ড চালুর মাধ্যমে প্রকৃত কৃষকরা সরাসরি সুবিধা পাবেন। বীজ, সার ও সেচ সহায়তা নিশ্চিত করা হবে। কৃষিপণ্যের ন্যায্যমূল্য নিশ্চিত করতে বাজার ব্যবস্থাপনায় সংস্কার আনা হচ্ছে।

এ ঘটনায় সংশ্লিষ্ট কর্তৃপক্ষ জানিয়েছে, পরিস্থিতি নিবিড়ভাবে পর্যবেক্ষণ করা হচ্ছে এবং প্রয়োজনীয় ব্যবস্থা নেয়া হবে। বিশেষজ্ঞরা বলছেন, সময়োপযোগী পদক্ষেপ গ্রহণ না করলে সঙ্কট আরো গভীর হতে পারে। স্থানীয় বাসিন্দারা দ্রুত সমাধানের দাবি জানিয়েছেন। সরকারের পক্ষ থেকে আশ্বস্ত করা হয়েছে যে সব ধরনের সহযোগিতা অব্যাহত থাকবে। এ ঘটনায় সংশ্লিষ্ট কর্তৃপক্ষ জানিয়েছে, পরিস্থিতি নিবিড়ভাবে পর্যবেক্ষণ করা হচ্ছে এবং প্রয়োজনীয় ব্যবস্থা নেয়া হবে। বিশেষজ্ঞরা বলছেন, সময়োপযোগী পদক্ষেপ গ্রহণ না করলে সঙ্কট আরো গভীর হতে পারে। স্থানীয় বাসিন্দারা দ্রুত সমাধানের দাবি জানিয়েছেন। সরকারের পক্ষ থেকে আশ্বস্ত করা হয়েছে যে সব ধরনের সহযোগিতা অব্যাহত থাকবে। এ ঘটনায় সংশ্লিষ্ট কর্তৃপক্ষ জানিয়েছে, পরিস্থিতি নিবিড়ভাবে পর্যবেক্ষণ করা হচ্ছে এবং প্রয়োজনীয় ব্যবস্থা নেয়া হবে। বিশেষজ্ঞরা বলছেন, সময়োপযোগী পদক্ষেপ গ্রহণ না করলে সঙ্কট আরো গভীর হতে পারে। স্থানীয় বাসিন্দারা দ্রুত সমাধানের দাবি জানিয়েছেন। সরকারের পক্ষ থেকে আশ্বস্ত করা হয়েছে যে সব ধরনের সহযোগিতা অব্যাহত থাকবে। এ ঘটনায় সংশ্লিষ্ট কর্তৃপক্ষ জানিয়েছে, পরিস্থিতি নিবিড়ভাবে পর্যবেক্ষণ করা হচ্ছে এবং প্রয়োজনীয় ব্যবস্থা নেয়া হবে। বিশেষজ্ঞরা বলছেন, সময়োপযোগী পদক্ষেপ গ্রহণ না করলে সঙ্কট আরো গভীর হতে পারে। স্থানীয় বাসিন্দারা দ্রুত সমাধানের দাবি জানিয়েছেন। সরকারের পক্ষ থেকে আশ্বস্ত করা হয়েছে যে সব ধরনের সহযোগিতা অব্যাহত থাকবে। এ ঘটনায় সংশ্লিষ্ট কর্তৃপক্ষ জানিয়েছে, পরিস্থিতি নিবিড়ভাবে পর্যবেক্ষণ করা হচ্ছে এবং প্রয়োজনীয় ব্যবস্থা নেয়া হবে। বিশেষজ্ঞরা বলছেন, সময়োপযোগী পদক্ষেপ গ্রহণ না করলে সঙ্কট আরো গভীর হতে পারে। স্থানীয় বাসিন্দারা দ্রুত সমাধানের দাবি জানিয়েছেন। সরকারের পক্ষ থেকে

চট্টগ্রামের উন্নয়নে গণমাধ্যমকে পাশে
৩য় পৃষ্ঠার পর

বলেন, চট্টগ্রাম কর্মক্ষেত্রে আরো গতিশীল করা হবে। তিনি আরো বলেন, আপনারা আমাদের সমালোচনা করবেন, ভুল ধরিয়ে দেবেন। চট্টগ্রাম বন্দরকে ঘিরে অর্থনৈতিক উন্নয়নে গণমাধ্যমের সহযোগিতা প্রয়োজন। এসময় উপস্থিত ছিলেন স্থানীয় জনপ্রতিনিধি ও গণমাধ্যমকর্মীরা।

এ ঘটনায় সংশ্লিষ্ট কর্তৃপক্ষ জানিয়েছে, পরিস্থিতি নিবিড়ভাবে পর্যবেক্ষণ করা হচ্ছে এবং প্রয়োজনীয় ব্যবস্থা নেয়া হবে। বিশেষজ্ঞরা বলছেন, সময়োপযোগী পদক্ষেপ গ্রহণ না করলে সঙ্কট আরো গভীর হতে পারে। স্থানীয় বাসিন্দারা দ্রুত সমাধানের দাবি জানিয়েছেন। সরকারের পক্ষ থেকে আশ্বস্ত করা হয়েছে যে সব ধরনের সহযোগিতা অব্যাহত থাকবে। এ ঘটনায় সংশ্লিষ্ট কর্তৃপক্ষ জানিয়েছে, পরিস্থিতি নিবিড়ভাবে পর্যবেক্ষণ করা হচ্ছে এবং প্রয়োজনীয় ব্যবস্থা নেয়া হবে। বিশেষজ্ঞরা বলছেন, সময়োপযোগী পদক্ষেপ গ্রহণ না করলে সঙ্কট আরো গভীর হতে পারে। স্থানীয় বাসিন্দারা দ্রুত সমাধানের দাবি জানিয়েছেন। সরকারের পক্ষ থেকে আশ্বস্ত করা হয়েছে যে সব ধরনের সহযোগিতা অব্যাহত থাকবে। এ ঘটনায় সংশ্লিষ্ট কর্তৃপক্ষ জানিয়েছে, পরিস্থিতি নিবিড়ভাবে পর্যবেক্ষণ করা হচ্ছে এবং প্রয়োজনীয় ব্যবস্থা নেয়া হবে। বিশেষজ্ঞরা বলছেন, সময়োপযোগী পদক্ষেপ গ্রহণ না করলে সঙ্কট আরো গভীর হতে পারে। স্থানীয় বাসিন্দারা দ্রুত সমাধানের দাবি জানিয়েছেন। সরকারের পক্ষ থেকে আশ্বস্ত করা হয়েছে যে সব ধরনের সহযোগিতা অব্যাহত থাকবে। এ ঘটনায় সংশ্লিষ্ট কর্তৃপক্ষ জানিয়েছে, পরিস্থিতি নিবিড়ভাবে পর্যবেক্ষণ করা হচ্ছে এবং প্রয়োজনীয় ব্যবস্থা নেয়া হবে। বিশেষজ্ঞরা বলছেন, সময়োপযোগী পদক্ষেপ গ্রহণ না করলে সঙ্কট আরো গভীর হতে পারে। স্থানীয় বাসিন্দারা দ্রুত সমাধানের দাবি জানিয়েছেন। সরকারের পক্ষ থেকে আশ্বস্ত করা হয়েছে যে সব ধরনের সহযোগিতা অব্যাহত থাকবে। এ ঘটনায় সংশ্লিষ্ট কর্তৃপক্ষ জানিয়েছে,

ইরান সঙ্কট, টুইন চোকপয়েন্ট ও
১ম পৃষ্ঠার পর

যাচ্ছে। এই প্রেক্ষাপটে হরমুজ প্রণালী এবং বাব আল-মান্দেব প্রণালী নতুন করে গুরুত্ব পাচ্ছে। বিশ্ব বাণিজ্যের একটি বড় অংশ এই দুই চোকপয়েন্ট দিয়ে পরিবাহিত হয়। ফলে এখানে সামান্য উত্তেজনাও বৈশ্বিক বাজারে তাৎক্ষণিক প্রভাব ফেলে। বিশ্লেষকদের মতে, এই সঙ্কট দীর্ঘায়িত হলে জ্বালানি সরবরাহে বড় ধরনের বিঘ্ন ঘটতে পারে।

এ ঘটনায় সংশ্লিষ্ট কর্তৃপক্ষ জানিয়েছে, পরিস্থিতি নিবিড়ভাবে পর্যবেক্ষণ করা হচ্ছে এবং প্রয়োজনীয় ব্যবস্থা নেয়া হবে। বিশেষজ্ঞরা বলছেন, সময়োপযোগী পদক্ষেপ গ্রহণ না করলে সঙ্কট আরো গভীর হতে পারে। স্থানীয় বাসিন্দারা দ্রুত সমাধানের দাবি জানিয়েছেন। সরকারের পক্ষ থেকে আশ্বস্ত করা হয়েছে যে সব ধরনের সহযোগিতা অব্যাহত থাকবে। এ ঘটনায় সংশ্লিষ্ট কর্তৃপক্ষ জানিয়েছে, পরিস্থিতি নিবিড়ভাবে পর্যবেক্ষণ করা হচ্ছে এবং প্রয়োজনীয় ব্যবস্থা নেয়া হবে। বিশেষজ্ঞরা বলছেন, সময়োপযোগী পদক্ষেপ গ্রহণ না করলে সঙ্কট আরো গভীর হতে পারে। স্থানীয় বাসিন্দারা দ্রুত সমাধানের দাবি জানিয়েছেন। সরকারের পক্ষ থেকে আশ্বস্ত করা হয়েছে যে সব ধরনের সহযোগিতা অব্যাহত থাকবে। এ ঘটনায় সংশ্লিষ্ট কর্তৃপক্ষ জানিয়েছে, পরিস্থিতি নিবিড়ভাবে পর্যবেক্ষণ করা হচ্ছে এবং প্রয়োজনীয় ব্যবস্থা নেয়া হবে। বিশেষজ্ঞরা বলছেন, সময়োপযোগী পদক্ষেপ গ্রহণ না করলে সঙ্কট আরো গভীর হতে পারে। স্থানীয় বাসিন্দারা দ্রুত সমাধানের দাবি জানিয়েছেন। সরকারের পক্ষ থেকে আশ্বস্ত করা হয়েছে যে সব ধরনের সহযোগিতা অব্যাহত থাকবে। এ ঘটনায় সংশ্লিষ্ট কর্তৃপক্ষ জানিয়েছে, পরিস্থিতি নিবিড়ভাবে পর্যবেক্ষণ করা হচ্ছে এবং প্রয়োজনীয় ব্যবস্থা নেয়া হবে। বিশেষজ্ঞরা বলছেন, সময়োপযোগী পদক্ষেপ গ্রহণ না করলে সঙ্কট আরো গভীর হতে পারে। স্থানীয় বাসিন্দারা দ্রুত সমাধানের দাবি জানিয়েছেন। সরকারের পক্ষ থেকে আশ্বস্ত করা হয়েছে যে সব ধরনের সহযোগিতা অব্যাহত থাকবে। এ ঘটনায় সংশ্লিষ্ট কর্তৃপক্ষ জানিয়েছে, পরিস্থিতি নিবিড়ভাবে পর্যবেক্ষণ করা হচ্ছে এবং প্রয়োজনীয় ব্যবস্থা নেয়া হবে। বিশেষজ্ঞরা বলছেন, সময়োপযোগী পদক্ষেপ গ্রহণ না করলে সঙ্কট আরো গভীর হতে পারে। স্থানীয় বাসিন্দারা দ্রুত সমাধানের দাবি জানিয়েছেন। সরকারের পক্ষ থেকে আশ্বস্ত করা হয়েছে যে সব ধরনের সহযোগিতা অব্যাহত থাকবে। এ ঘটনায় সংশ্লিষ্ট কর্তৃপক্ষ জানিয়েছে, পরিস্থিতি নিবিড়ভাবে পর্যবেক্ষণ করা হচ্ছে এবং প্রয়োজনীয় ব্যবস্থা নেয়া হবে। বিশেষজ্ঞরা বলছেন, সময়োপযোগী পদক্ষেপ গ্রহণ না করলে সঙ্কট আরো গভীর হতে পারে। স্থানীয় বাসিন্দারা দ্রুত সমাধানের দাবি জানিয়েছেন। সরকারের পক্ষ থেকে আশ্বস্ত করা হয়েছে যে সব ধরনের সহযোগিতা অব্যাহত থাকবে। এ ঘটনায় সংশ্লিষ্ট কর্তৃপক্ষ জানিয়েছে, পরিস্থিতি নিবিড়ভাবে পর্যবেক্ষণ করা হচ্ছে এবং প্রয়োজনীয় ব্যবস্থা নেয়া হবে। বিশেষজ্ঞরা বলছেন, সময়োপযোগী পদক্ষেপ গ্রহণ না করলে সঙ্কট আরো গভীর হতে পারে। স্থানীয় বাসিন্দারা দ্রুত সমাধানের দাবি জানিয়েছেন। সরকারের পক্ষ থেকে আশ্বস্ত করা হয়েছে যে সব ধরনের সহযোগিতা অব্যাহত থাকবে। এ ঘটনায় সংশ্লিষ্ট কর্তৃপক্ষ জানিয়েছে, পরিস্থিতি নিবিড়ভাবে পর্যবেক্ষণ করা হচ্ছে এবং প্রয়োজনীয় ব্যবস্থা নেয়া হবে। বিশেষজ্ঞরা বলছেন, সময়োপযোগী পদক্ষেপ গ্রহণ না করলে সঙ্কট আরো গভীর হতে পারে। স্থানীয় বাসিন্দারা দ্রুত সমাধানের দাবি জানিয়েছেন। সরকারের পক্ষ থেকে আশ্বস্ত করা হয়েছে যে সব ধরনের সহযোগিতা অব্যাহত থাকবে। এ ঘটনায় সংশ্লিষ্ট কর্তৃপক্ষ জানিয়েছে, পরিস্থিতি নিবিড়ভাবে পর্যবেক্ষণ করা হচ্ছে এবং প্রয়োজনীয় ব্যবস্থা নেয়া হবে। বিশেষজ্ঞরা বলছেন, সময়োপযোগী পদক্ষেপ গ্রহণ না করলে সঙ্কট আরো গভীর হতে পারে। স্থানীয় বাসিন্দারা দ্রুত সমাধানের দাবি জানিয়েছেন। সরকারের পক্ষ থেকে আশ্বস্ত করা হয়েছে যে সব ধরনের সহযোগিতা অব্যাহত থাকবে। এ ঘটনায় সংশ্লিষ্ট কর্তৃপক্ষ জানিয়েছে, পরিস্থিতি

সুন্দরবনে নৌকাডুবি ও ঝড়ের কবলে পড়া
১ম পৃষ্ঠার পর

যাওয়া বাকি তিন জেলের মধ্যে রয়েছেন খুলনার কয়রা উপজেলার আসাদুল। উদ্ধারকারী দল জানায়, প্রবল ঝড়ের কবলে পড়ে নৌকাটি ডুবে যায়। স্থানীয় জেলে ও বন বিভাগের সদস্যরা যৌথভাবে উদ্ধার তৎপরতা চালাচ্ছেন। নিখোঁজদের সন্ধানে অভিযান অব্যাহত রয়েছে।

এ ঘটনায় সংশ্লিষ্ট কর্তৃপক্ষ জানিয়েছে, পরিস্থিতি নিবিড়ভাবে পর্যবেক্ষণ করা হচ্ছে এবং প্রয়োজনীয় ব্যবস্থা নেয়া হবে। বিশেষজ্ঞরা বলছেন, সময়োপযোগী পদক্ষেপ গ্রহণ না করলে সঙ্কট আরো গভীর হতে পারে। স্থানীয় বাসিন্দারা দ্রুত সমাধানের দাবি জানিয়েছেন। সরকারের পক্ষ থেকে আশ্বস্ত করা হয়েছে যে সব ধরনের সহযোগিতা অব্যাহত থাকবে। এ ঘটনায় সংশ্লিষ্ট কর্তৃপক্ষ জানিয়েছে, পরিস্থিতি নিবিড়ভাবে পর্যবেক্ষণ করা হচ্ছে এবং প্রয়োজনীয় ব্যবস্থা নেয়া হবে। বিশেষজ্ঞরা বলছেন, সময়োপযোগী পদক্ষেপ গ্রহণ না করলে সঙ্কট আরো গভীর হতে পারে। স্থানীয় বাসিন্দারা দ্রুত সমাধানের দাবি জানিয়েছেন। সরকারের পক্ষ থেকে আশ্বস্ত করা হয়েছে যে সব ধরনের সহযোগিতা অব্যাহত থাকবে। এ ঘটনায় সংশ্লিষ্ট কর্তৃপক্ষ জানিয়েছে, পরিস্থিতি নিবিড়ভাবে পর্যবেক্ষণ করা হচ্ছে এবং প্রয়োজনীয় ব্যবস্থা নেয়া হবে। বিশেষজ্ঞরা বলছেন, সময়োপযোগী পদক্ষেপ গ্রহণ না করলে সঙ্কট আরো গভীর হতে পারে। স্থানীয় বাসিন্দারা দ্রুত সমাধানের দাবি জানিয়েছেন। সরকারের পক্ষ থেকে আশ্বস্ত করা হয়েছে যে সব ধরনের সহযোগিতা অব্যাহত থাকবে। এ ঘটনায় সংশ্লিষ্ট কর্তৃপক্ষ জানিয়েছে, পরিস্থিতি নিবিড়ভাবে পর্যবেক্ষণ করা হচ্ছে এবং প্রয়োজনীয় ব্যবস্থা নেয়া হবে। বিশেষজ্ঞরা বলছেন, সময়োপযোগী পদক্ষেপ গ্রহণ না করলে সঙ্কট আরো গভীর হতে পারে।

প্রভাবশালী ১০০ ব্যক্তির তালিকায়
১ম পৃষ্ঠার পর

গণমাধ্যমে তোলা তারেক রহমান TIME 100 Most Influential People of 2026-এর তালিকায় উঠে এসেছেন। এই স্বীকৃতি তার রাজনৈতিক নেতৃত্বের আন্তর্জাতিক মূল্যায়ন হিসেবে দেখা হচ্ছে। টাইম ম্যাগাজিনের প্রতিবেদনে বাংলাদেশের গণতান্ত্রিক উত্তরণে তার ভূমিকার কথা উল্লেখ করা হয়।

এ ঘটনায় সংশ্লিষ্ট কর্তৃপক্ষ জানিয়েছে, পরিস্থিতি নিবিড়ভাবে পর্যবেক্ষণ করা হচ্ছে এবং প্রয়োজনীয় ব্যবস্থা নেয়া হবে। বিশেষজ্ঞরা বলছেন, সময়োপযোগী পদক্ষেপ গ্রহণ না করলে সঙ্কট আরো গভীর হতে পারে। স্থানীয় বাসিন্দারা দ্রুত সমাধানের দাবি জানিয়েছেন। সরকারের পক্ষ থেকে আশ্বস্ত করা হয়েছে যে সব ধরনের সহযোগিতা অব্যাহত থাকবে। এ ঘটনায় সংশ্লিষ্ট কর্তৃপক্ষ জানিয়েছে, পরিস্থিতি নিবিড়ভাবে পর্যবেক্ষণ করা হচ্ছে এবং প্রয়োজনীয় ব্যবস্থা নেয়া হবে। বিশেষজ্ঞরা বলছেন, সময়োপযোগী পদক্ষেপ গ্রহণ না করলে সঙ্কট আরো গভীর হতে পারে। স্থানীয় বাসিন্দারা দ্রুত সমাধানের দাবি জানিয়েছেন। সরকারের পক্ষ থেকে আশ্বস্ত করা হয়েছে যে সব ধরনের সহযোগিতা অব্যাহত থাকবে। এ ঘটনায় সংশ্লিষ্ট কর্তৃপক্ষ জানিয়েছে, পরিস্থিতি নিবিড়ভাবে পর্যবেক্ষণ করা হচ্ছে এবং প্রয়োজনীয় ব্যবস্থা নেয়া হবে। বিশেষজ্ঞরা বলছেন, সময়োপযোগী পদক্ষেপ গ্রহণ না করলে সঙ্কট আরো গভীর হতে পারে। স্থানীয় বাসিন্দারা দ্রুত সমাধানের দাবি জানিয়েছেন। সরকারের পক্ষ থেকে আশ্বস্ত করা হয়েছে যে সব ধরনের সহযোগিতা অব্যাহত থাকবে। এ ঘটনায় সংশ্লিষ্ট কর্তৃপক্ষ জানিয়েছে, পরিস্থিতি নিবিড়ভাবে পর্যবেক্ষণ করা হচ্ছে এবং প্রয়োজনীয় ব্যবস্থা নেয়া হবে। বিশেষজ্ঞরা বলছেন, সময়োপযোগী পদক্ষেপ গ্রহণ না করলে সঙ্কট আরো গভীর হতে পারে। স্থানীয় বাসিন্দারা দ্রুত সমাধানের দাবি জানিয়েছেন। সরকারের পক্ষ থেকে আশ্বস্ত করা হয়েছে যে সব ধরনের সহযোগিতা অব্যাহত থাকবে। এ ঘটনায় সংশ্লিষ্ট

ইইউর সাথে অংশীদারত্ব ও
১ম পৃষ্ঠার পর

ইইউর সাথে পিসিএ নিয়ে আলোচনা ২০২৫ সালে শুরু হয়। ইউরোপীয় ইউনিয়নের সাথে অংশীদারত্ব ও সহযোগিতা চুক্তি দুই পক্ষের সম্পর্ককে নতুন উচ্চতায় নিয়ে যাবে বলে আশা প্রকাশ করা হয়েছে। তুরস্ক সফর নিয়ে কর্মকর্তারা জানান, বাণিজ্য ও বিনিয়োগ বৃদ্ধিতে একাধিক সমঝোতা স্মারক সইয়ের সম্ভাবনা রয়েছে।

এ ঘটনায় সংশ্লিষ্ট কর্তৃপক্ষ জানিয়েছে, পরিস্থিতি নিবিড়ভাবে পর্যবেক্ষণ করা হচ্ছে এবং প্রয়োজনীয় ব্যবস্থা নেয়া হবে। বিশেষজ্ঞরা বলছেন, সময়োপযোগী পদক্ষেপ গ্রহণ না করলে সঙ্কট আরো গভীর হতে পারে। স্থানীয় বাসিন্দারা দ্রুত সমাধানের দাবি জানিয়েছেন। সরকারের পক্ষ থেকে আশ্বস্ত করা হয়েছে যে সব ধরনের সহযোগিতা অব্যাহত থাকবে। এ ঘটনায় সংশ্লিষ্ট কর্তৃপক্ষ জানিয়েছে, পরিস্থিতি নিবিড়ভাবে পর্যবেক্ষণ করা হচ্ছে এবং প্রয়োজনীয় ব্যবস্থা নেয়া হবে। বিশেষজ্ঞরা বলছেন, সময়োপযোগী পদক্ষেপ গ্রহণ না করলে সঙ্কট আরো গভীর হতে পারে। স্থানীয় বাসিন্দারা দ্রুত সমাধানের দাবি জানিয়েছেন। সরকারের পক্ষ থেকে আশ্বস্ত করা হয়েছে যে সব ধরনের সহযোগিতা অব্যাহত থাকবে। এ ঘটনায় সংশ্লিষ্ট কর্তৃপক্ষ জানিয়েছে, পরিস্থিতি নিবিড়ভাবে পর্যবেক্ষণ করা হচ্ছে এবং প্রয়োজনীয় ব্যবস্থা নেয়া হবে। বিশেষজ্ঞরা বলছেন, সময়োপযোগী পদক্ষেপ গ্রহণ না করলে সঙ্কট আরো গভীর হতে পারে। স্থানীয় বাসিন্দারা দ্রুত সমাধানের দাবি জানিয়েছেন। সরকারের পক্ষ থেকে আশ্বস্ত করা হয়েছে যে সব ধরনের সহযোগিতা অব্যাহত থাকবে। এ ঘটনায় সংশ্লিষ্ট কর্তৃপক্ষ জানিয়েছে, পরিস্থিতি
